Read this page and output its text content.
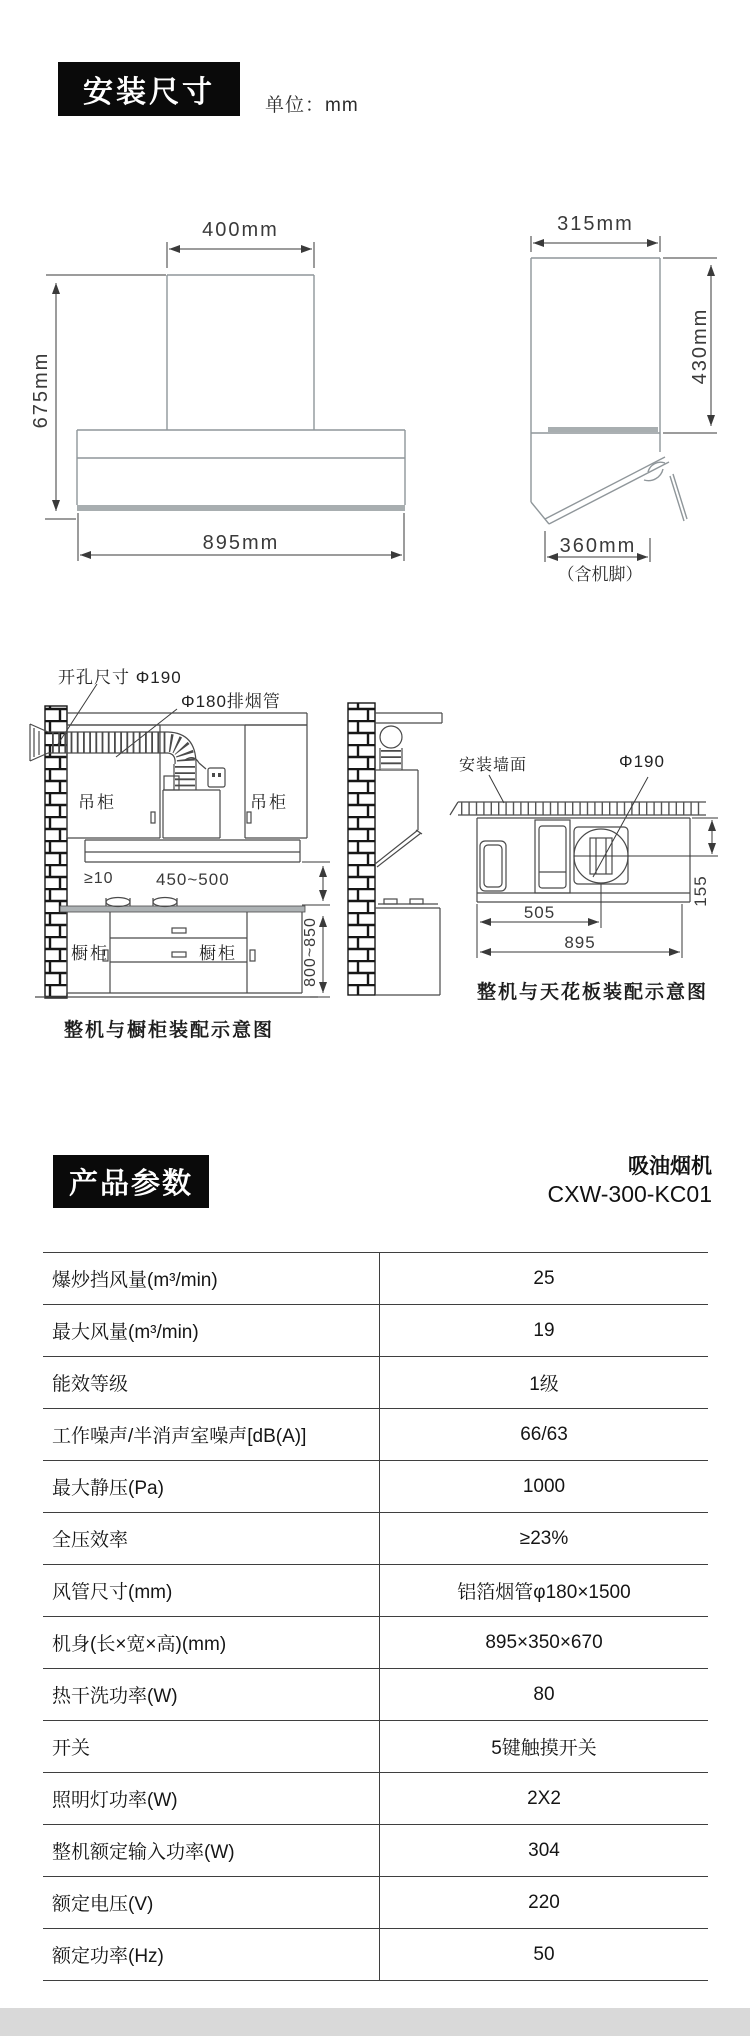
安装尺寸	单位：mm
400mm
675mm
895mm
315mm
430mm
360mm
（含机脚）
开孔尺寸 Φ190
Φ180排烟管
吊柜	吊柜
≥10 450~500
橱柜	橱柜	800~850
整机与橱柜装配示意图
安装墙面	Φ190
505
895
155
整机与天花板装配示意图
产品参数
吸油烟机
CXW-300-KC01
爆炒挡风量(m³/min)	25
最大风量(m³/min)	19
能效等级	1级
工作噪声/半消声室噪声[dB(A)]	66/63
最大静压(Pa)	1000
全压效率	≥23%
风管尺寸(mm)	铝箔烟管φ180×1500
机身(长×宽×高)(mm)	895×350×670
热干洗功率(W)	80
开关	5键触摸开关
照明灯功率(W)	2X2
整机额定输入功率(W)	304
额定电压(V)	220
额定功率(Hz)	50
